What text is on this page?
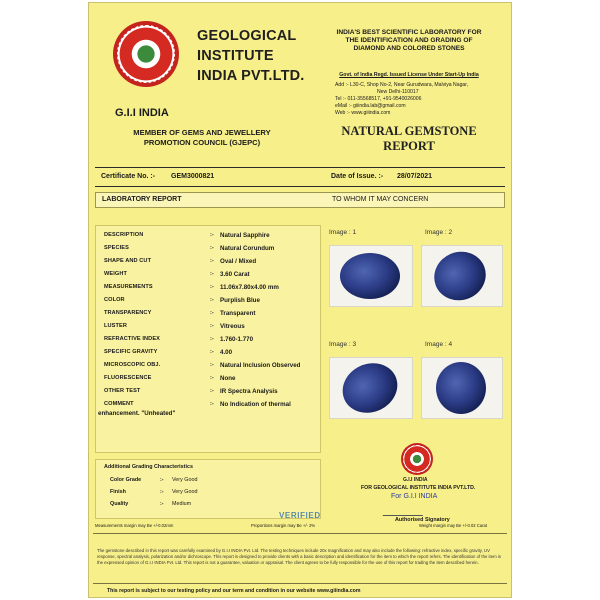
G.I.I INDIA
GEOLOGICAL
INSTITUTE
INDIA PVT.LTD.
MEMBER OF GEMS AND JEWELLERY
PROMOTION COUNCIL (GJEPC)
INDIA'S BEST SCIENTIFIC LABORATORY FOR
THE IDENTIFICATION AND GRADING OF
DIAMOND AND COLORED STONES
Govt. of India Regd. Issued License Under Start-Up India
Add :- L30-C, Shop No-2, Near Gurudwara, Malviya Nagar,
New Delhi-110017
Tel :- 011-35568517, +91-9540026006
eMail :- giiindia.lab@gmail.com
Web :- www.giiindia.com
NATURAL GEMSTONE
REPORT
Certificate No. :- GEM3000821	Date of Issue. :- 28/07/2021
LABORATORY REPORT	TO WHOM IT MAY CONCERN
DESCRIPTION	:- Natural Sapphire
SPECIES	:- Natural Corundum
SHAPE AND CUT	:- Oval / Mixed
WEIGHT	:- 3.60 Carat
MEASUREMENTS	:- 11.06x7.80x4.00 mm
COLOR	:- Purplish Blue
TRANSPARENCY	:- Transparent
LUSTER	:- Vitreous
REFRACTIVE INDEX	:- 1.760-1.770
SPECIFIC GRAVITY	:- 4.00
MICROSCOPIC OBJ.	:- Natural Inclusion Observed
FLUORESCENCE	:- None
OTHER TEST	:- IR Spectra Analysis
COMMENT	:- No Indication of thermal
enhancement. "Unheated"
Image : 1	Image : 2
Image : 3	Image : 4
Additional Grading Characteristics
Color Grade	:- Very Good
Finish	:- Very Good
Quality	:- Medium
G.I.I INDIA
FOR GEOLOGICAL INSTITUTE INDIA PVT.LTD.
For G.I.I INDIA
Authorised Signatory
VERIFIED
Measurements margin may Be +/-0.02mm	Proportions margin may Be +/- 2%	Weight margin may Be +/-0.02 Carat
The gemstone described in this report was carefully examined by G.I.I INDIA Pvt. Ltd. The testing techniques include 20x magnification and may also include the following: refractive index, specific gravity, UV response, spectral analysis, polarization and/or dichroscope. This report is designed to provide clients with a basic description and identification for the item to which the report refers. The identification of the item is the expressed opinion of G.I.I INDIA Pvt. Ltd. This report is not a guarantee, valuation or appraisal. The client agrees to be fully responsible for the use of this report for trading the item described herein.
This report is subject to our testing policy and our term and condition in our website www.giiindia.com
